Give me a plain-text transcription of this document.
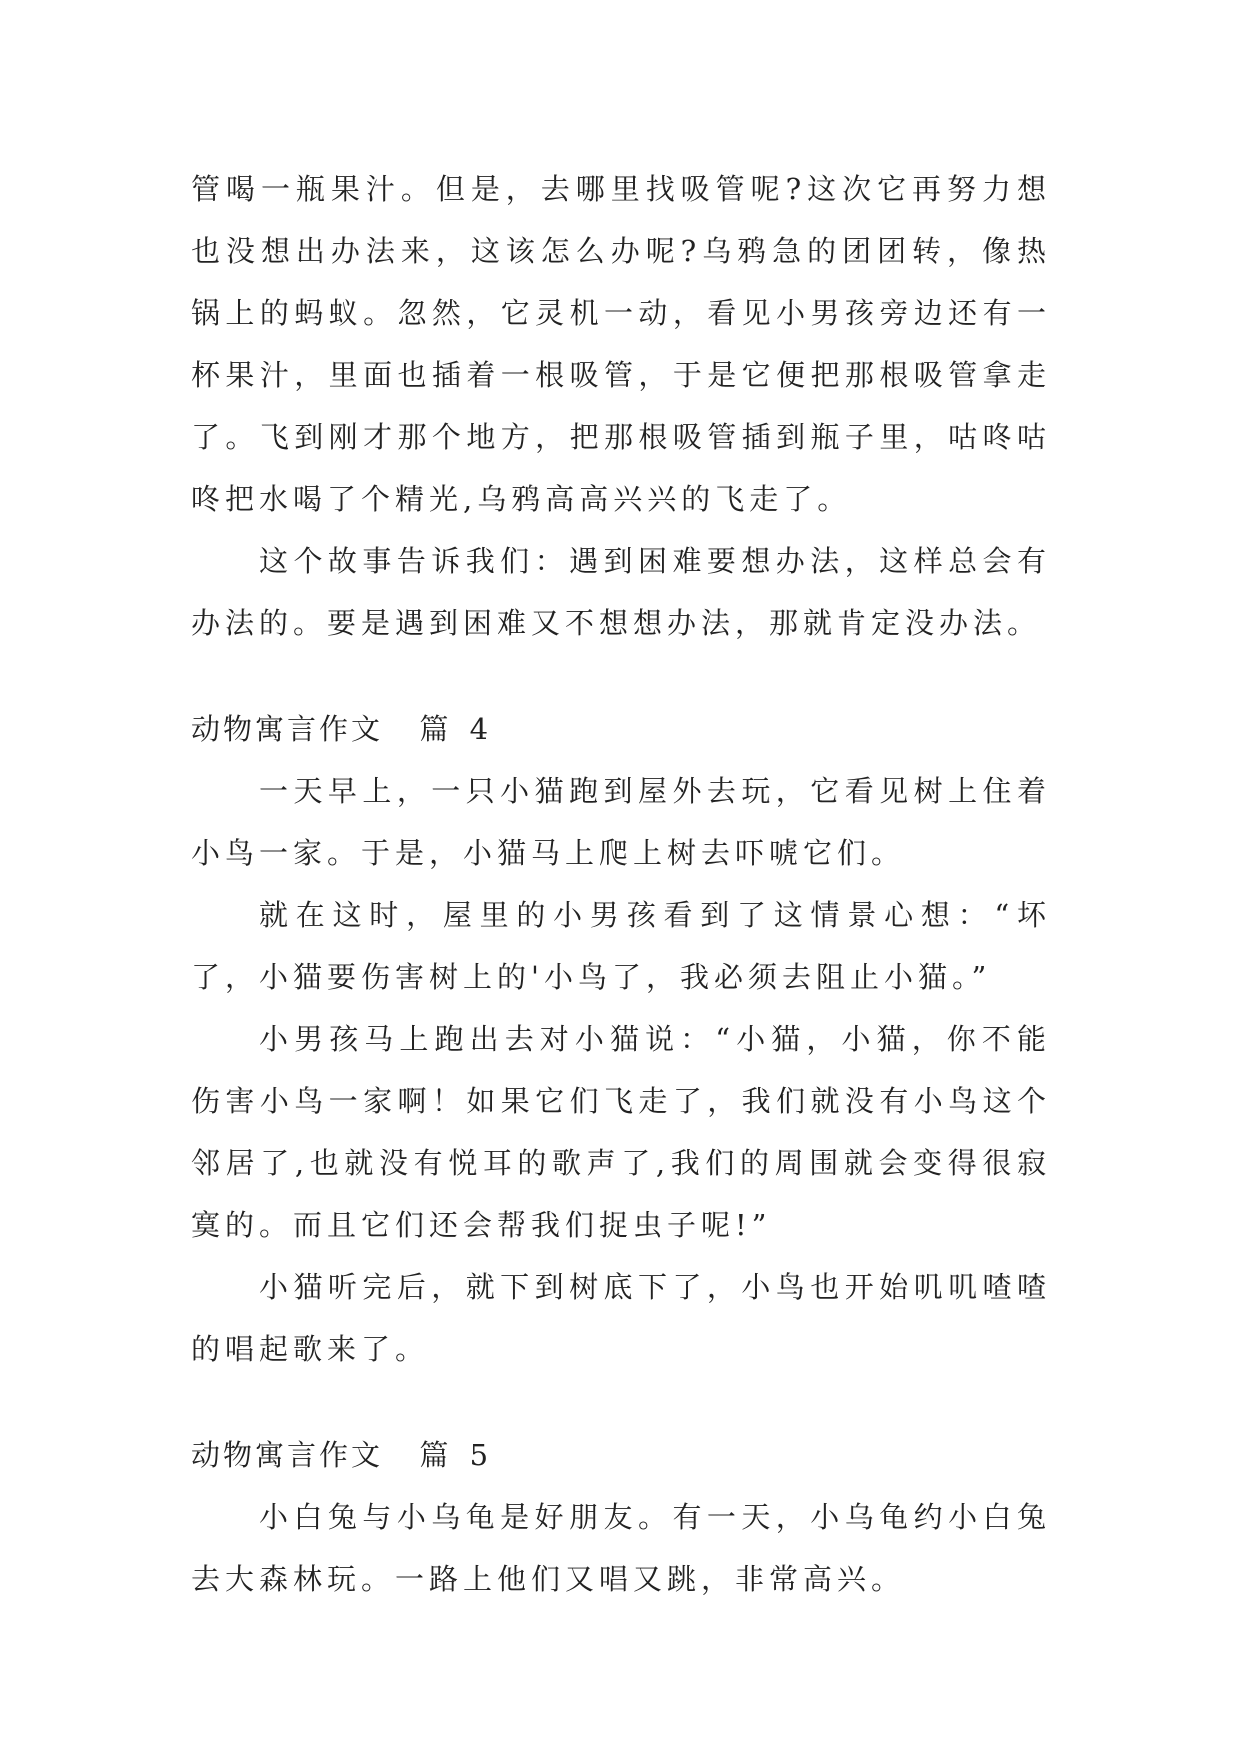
管喝一瓶果汁。但是，去哪里找吸管呢?这次它再努力想也没想出办法来，这该怎么办呢?乌鸦急的团团转，像热锅上的蚂蚁。忽然，它灵机一动，看见小男孩旁边还有一杯果汁，里面也插着一根吸管，于是它便把那根吸管拿走了。飞到刚才那个地方，把那根吸管插到瓶子里，咕咚咕咚把水喝了个精光,乌鸦高高兴兴的飞走了。

这个故事告诉我们：遇到困难要想办法，这样总会有办法的。要是遇到困难又不想想办法，那就肯定没办法。

动物寓言作文  篇 4

一天早上，一只小猫跑到屋外去玩，它看见树上住着小鸟一家。于是，小猫马上爬上树去吓唬它们。

就在这时，屋里的小男孩看到了这情景心想：“坏了，小猫要伤害树上的'小鸟了，我必须去阻止小猫。”

小男孩马上跑出去对小猫说：“小猫，小猫，你不能伤害小鸟一家啊！如果它们飞走了，我们就没有小鸟这个邻居了,也就没有悦耳的歌声了,我们的周围就会变得很寂寞的。而且它们还会帮我们捉虫子呢!”

小猫听完后，就下到树底下了，小鸟也开始叽叽喳喳的唱起歌来了。

动物寓言作文  篇 5

小白兔与小乌龟是好朋友。有一天，小乌龟约小白兔去大森林玩。一路上他们又唱又跳，非常高兴。
